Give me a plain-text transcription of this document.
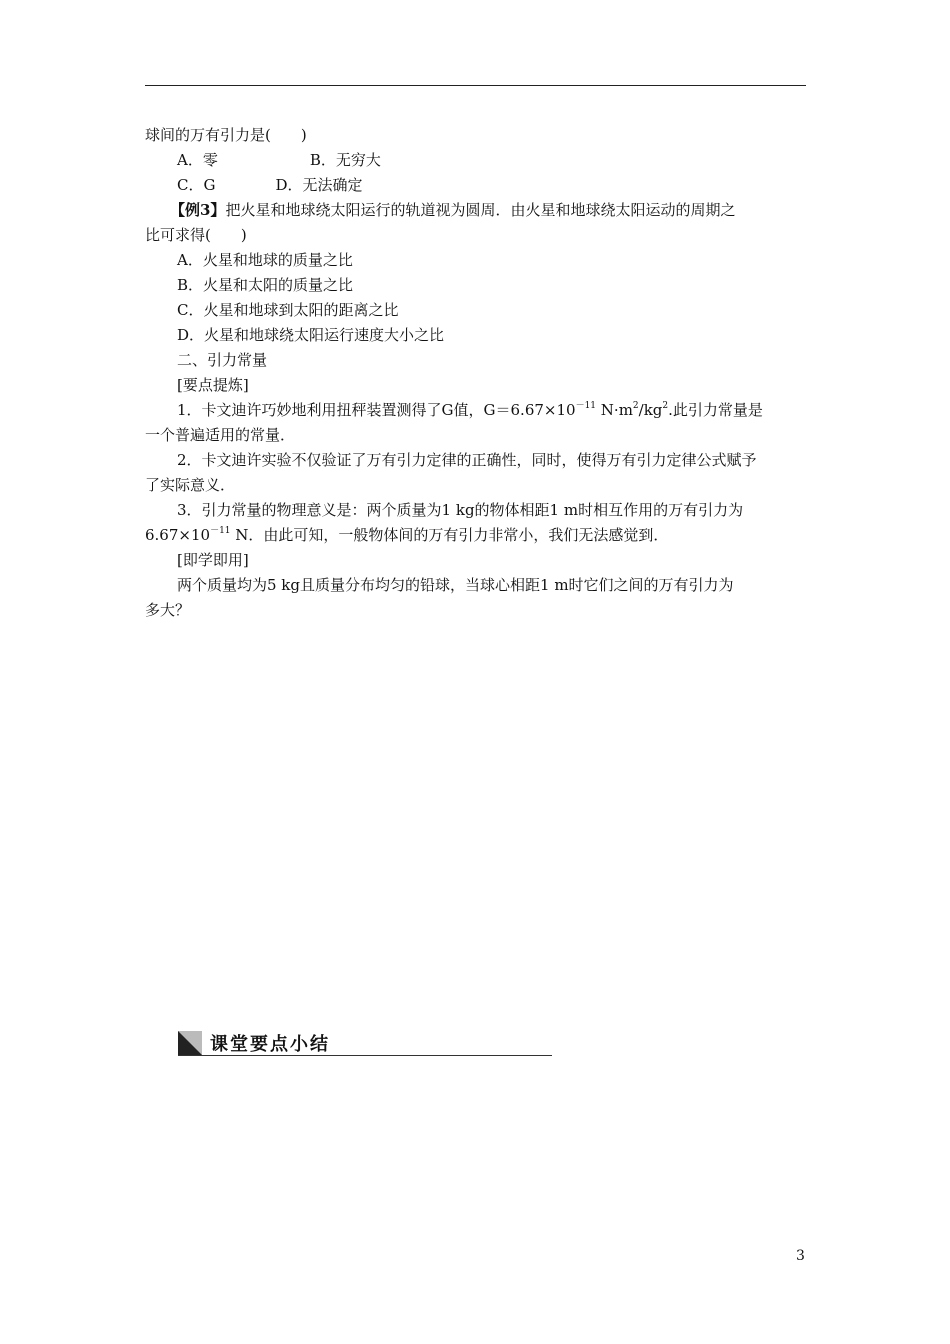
球间的万有引力是(　　)
A．零	B．无穷大
C．G　　　　D．无法确定
【例3】把火星和地球绕太阳运行的轨道视为圆周．由火星和地球绕太阳运动的周期之
比可求得(　　)
A．火星和地球的质量之比
B．火星和太阳的质量之比
C．火星和地球到太阳的距离之比
D．火星和地球绕太阳运行速度大小之比
二、引力常量
[要点提炼]
1．卡文迪许巧妙地利用扭秤装置测得了G值，$G=6.67\times 10^{-11}$ $N\cdot m^2/kg^2$.此引力常量是
一个普遍适用的常量．
2．卡文迪许实验不仅验证了万有引力定律的正确性，同时，使得万有引力定律公式赋予
了实际意义．
3．引力常量的物理意义是：两个质量为1 kg的物体相距1 m时相互作用的万有引力为
$6.67\times 10^{-11}$ N．由此可知，一般物体间的万有引力非常小，我们无法感觉到．
[即学即用]
两个质量均为5 kg且质量分布均匀的铅球，当球心相距1 m时它们之间的万有引力为
多大？
课堂要点小结
3
